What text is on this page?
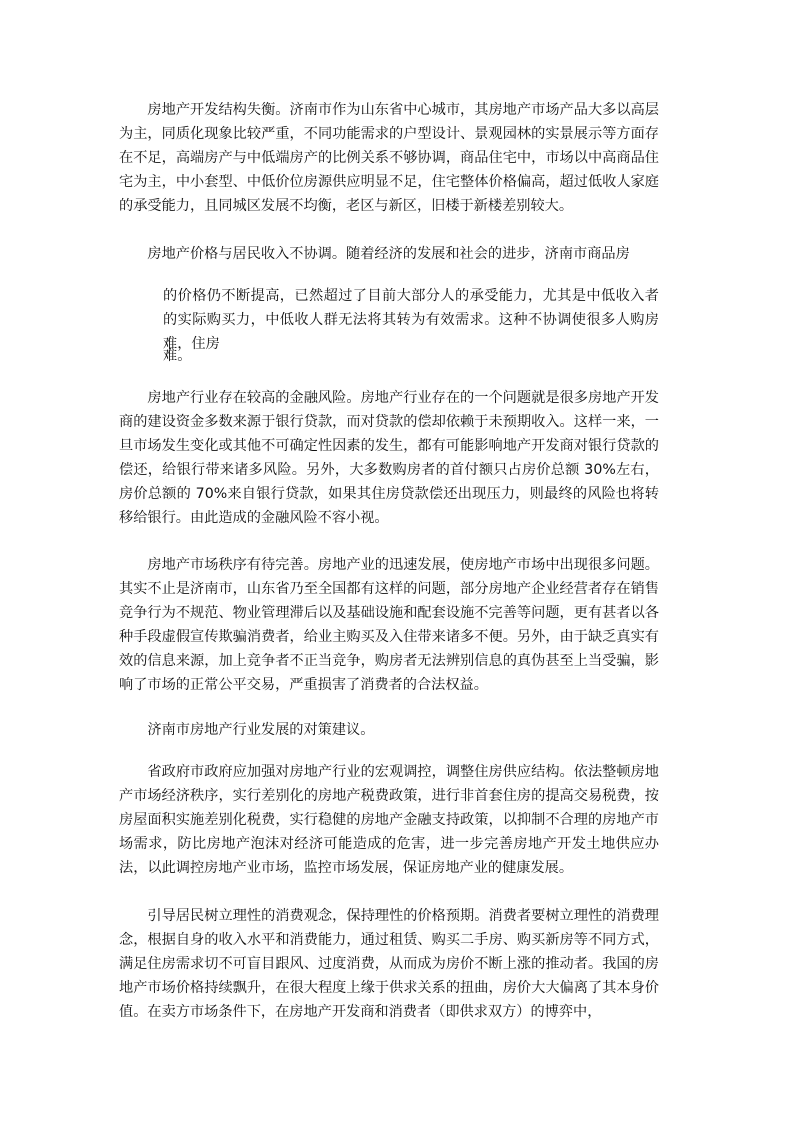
房地产开发结构失衡。济南市作为山东省中心城市，其房地产市场产品大多以高层为主，同质化现象比较严重，不同功能需求的户型设计、景观园林的实景展示等方面存在不足，高端房产与中低端房产的比例关系不够协调，商品住宅中，市场以中高商品住宅为主，中小套型、中低价位房源供应明显不足，住宅整体价格偏高，超过低收人家庭的承受能力，且同城区发展不均衡，老区与新区，旧楼于新楼差别较大。

房地产价格与居民收入不协调。随着经济的发展和社会的进步，济南市商品房

的价格仍不断提高，已然超过了目前大部分人的承受能力，尤其是中低收入者的实际购买力，中低收人群无法将其转为有效需求。这种不协调使很多人购房难，住房

难。

房地产行业存在较高的金融风险。房地产行业存在的一个问题就是很多房地产开发商的建设资金多数来源于银行贷款，而对贷款的偿却依赖于未预期收入。这样一来，一旦市场发生变化或其他不可确定性因素的发生，都有可能影响地产开发商对银行贷款的偿还，给银行带来诸多风险。另外，大多数购房者的首付额只占房价总额 30%左右，房价总额的 70%来自银行贷款，如果其住房贷款偿还出现压力，则最终的风险也将转移给银行。由此造成的金融风险不容小视。

房地产市场秩序有待完善。房地产业的迅速发展，使房地产市场中出现很多问题。其实不止是济南市，山东省乃至全国都有这样的问题，部分房地产企业经营者存在销售竞争行为不规范、物业管理滞后以及基础设施和配套设施不完善等问题，更有甚者以各种手段虚假宣传欺骗消费者，给业主购买及入住带来诸多不便。另外，由于缺乏真实有效的信息来源，加上竞争者不正当竞争，购房者无法辨别信息的真伪甚至上当受骗，影响了市场的正常公平交易，严重损害了消费者的合法权益。

济南市房地产行业发展的对策建议。

省政府市政府应加强对房地产行业的宏观调控，调整住房供应结构。依法整顿房地产市场经济秩序，实行差别化的房地产税费政策，进行非首套住房的提高交易税费，按房屋面积实施差别化税费，实行稳健的房地产金融支持政策，以抑制不合理的房地产市场需求，防比房地产泡沫对经济可能造成的危害，进一步完善房地产开发土地供应办法，以此调控房地产业市场，监控市场发展，保证房地产业的健康发展。

引导居民树立理性的消费观念，保持理性的价格预期。消费者要树立理性的消费理念，根据自身的收入水平和消费能力，通过租赁、购买二手房、购买新房等不同方式，满足住房需求切不可盲目跟风、过度消费，从而成为房价不断上涨的推动者。我国的房地产市场价格持续飘升，在很大程度上缘于供求关系的扭曲，房价大大偏离了其本身价值。在卖方市场条件下，在房地产开发商和消费者（即供求双方）的博弈中，
